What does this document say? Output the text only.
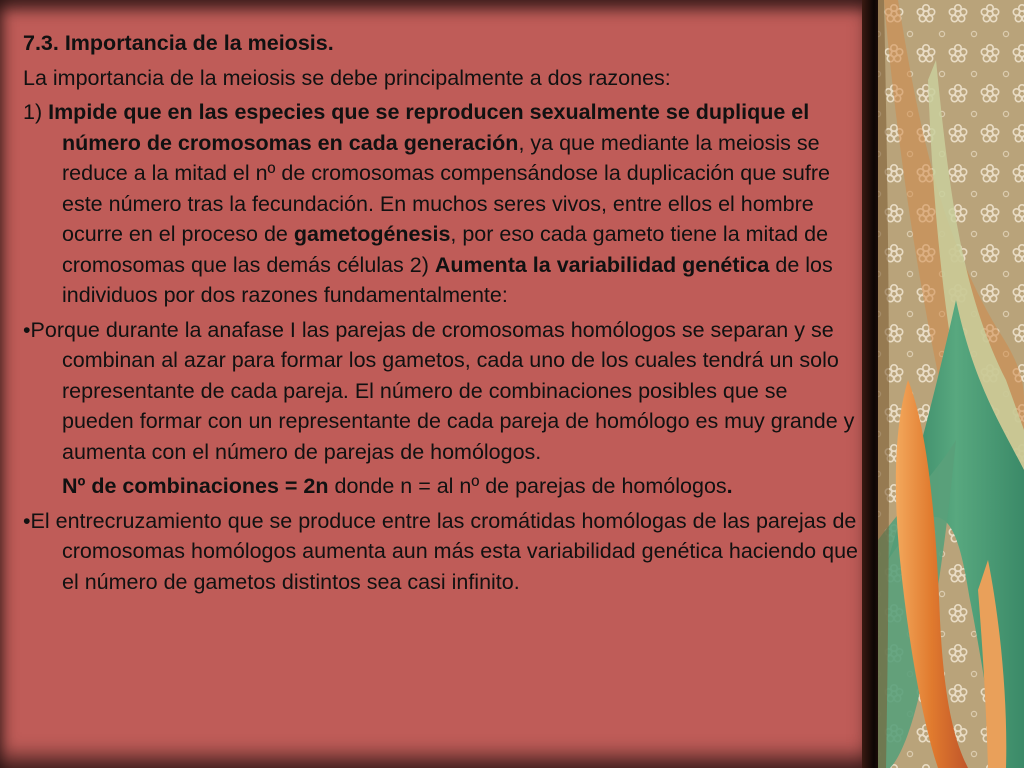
7.3. Importancia de la meiosis.

La importancia de la meiosis se debe principalmente a dos razones:

1) Impide que en las especies que se reproducen sexualmente se duplique el número de cromosomas en cada generación, ya que mediante la meiosis se reduce a la mitad el nº de cromosomas compensándose la duplicación que sufre este número tras la fecundación. En muchos seres vivos, entre ellos el hombre ocurre en el proceso de gametogénesis, por eso cada gameto tiene la mitad de cromosomas que las demás células 2) Aumenta la variabilidad genética de los individuos por dos razones fundamentalmente:

•Porque durante la anafase I las parejas de cromosomas homólogos se separan y se combinan al azar para formar los gametos, cada uno de los cuales tendrá un solo representante de cada pareja. El número de combinaciones posibles que se pueden formar con un representante de cada pareja de homólogo es muy grande y aumenta con el número de parejas de homólogos.

Nº de combinaciones = 2n donde n = al nº de parejas de homólogos.

•El entrecruzamiento que se produce entre las cromátidas homólogas de las parejas de cromosomas homólogos aumenta aun más esta variabilidad genética haciendo que el número de gametos distintos sea casi infinito.
